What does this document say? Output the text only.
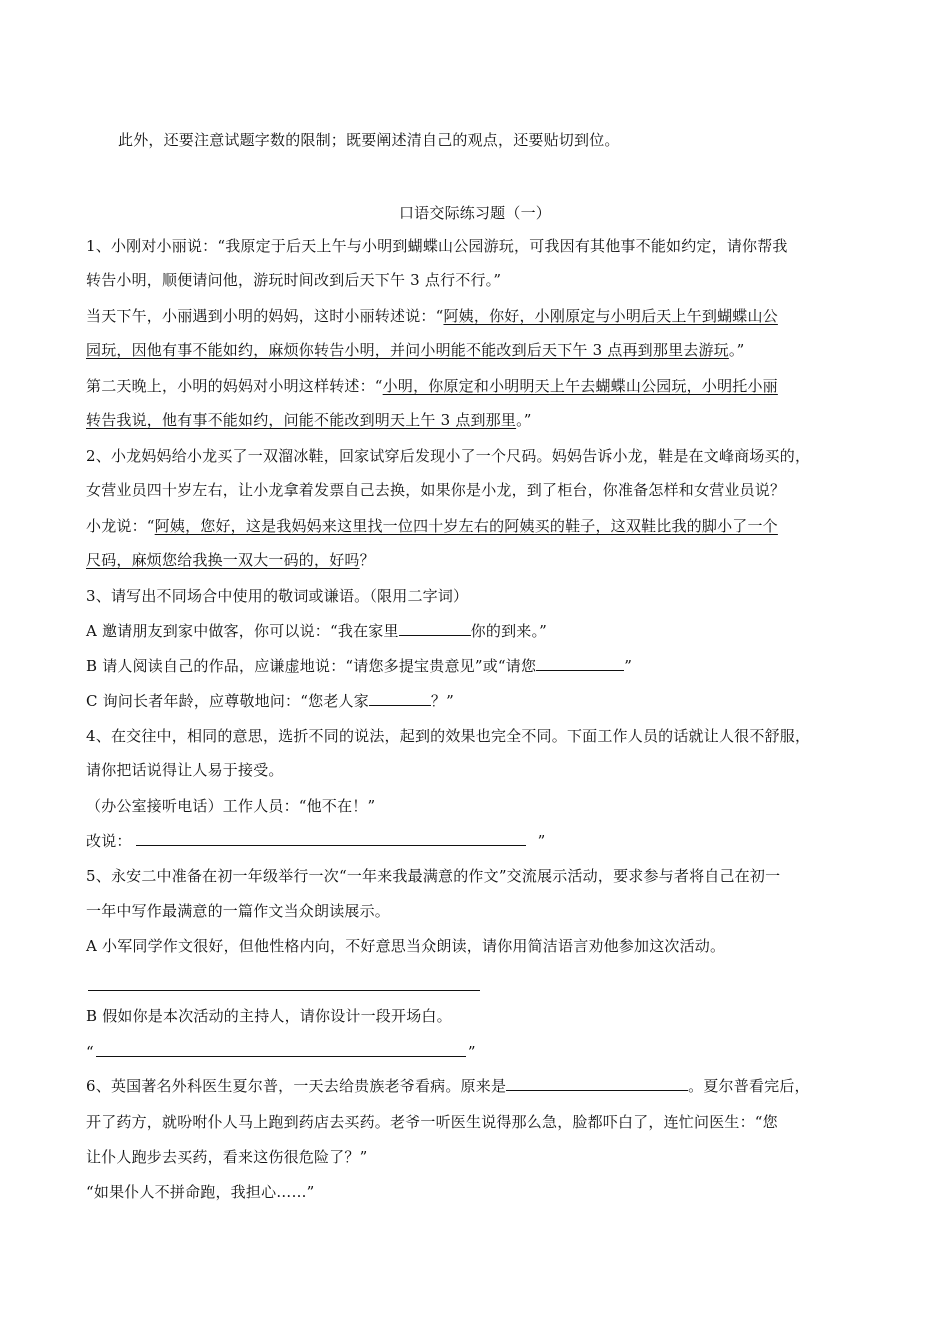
此外，还要注意试题字数的限制；既要阐述清自己的观点，还要贴切到位。
口语交际练习题（一）
1、小刚对小丽说：“我原定于后天上午与小明到蝴蝶山公园游玩，可我因有其他事不能如约定，请你帮我
转告小明，顺便请问他，游玩时间改到后天下午 3 点行不行。”
当天下午，小丽遇到小明的妈妈，这时小丽转述说：“阿姨，你好，小刚原定与小明后天上午到蝴蝶山公
园玩，因他有事不能如约，麻烦你转告小明，并问小明能不能改到后天下午 3 点再到那里去游玩。”
第二天晚上，小明的妈妈对小明这样转述：“小明，你原定和小明明天上午去蝴蝶山公园玩，小明托小丽
转告我说，他有事不能如约，问能不能改到明天上午 3 点到那里。”
2、小龙妈妈给小龙买了一双溜冰鞋，回家试穿后发现小了一个尺码。妈妈告诉小龙，鞋是在文峰商场买的，
女营业员四十岁左右，让小龙拿着发票自己去换，如果你是小龙，到了柜台，你准备怎样和女营业员说？
小龙说：“阿姨，您好，这是我妈妈来这里找一位四十岁左右的阿姨买的鞋子，这双鞋比我的脚小了一个
尺码，麻烦您给我换一双大一码的，好吗？
3、请写出不同场合中使用的敬词或谦语。（限用二字词）
A 邀请朋友到家中做客，你可以说：“我在家里	你的到来。”
B 请人阅读自己的作品，应谦虚地说：“请您多提宝贵意见”或“请您	”
C 询问长者年龄，应尊敬地问：“您老人家	？”
4、在交往中，相同的意思，选折不同的说法，起到的效果也完全不同。下面工作人员的话就让人很不舒服，
请你把话说得让人易于接受。
（办公室接听电话）工作人员：“他不在！”
改说：	”
5、永安二中准备在初一年级举行一次“一年来我最满意的作文”交流展示活动，要求参与者将自己在初一
一年中写作最满意的一篇作文当众朗读展示。
A 小军同学作文很好，但他性格内向，不好意思当众朗读，请你用简洁语言劝他参加这次活动。
B 假如你是本次活动的主持人，请你设计一段开场白。
“	”
6、英国著名外科医生夏尔普，一天去给贵族老爷看病。原来是	。夏尔普看完后，
开了药方，就吩咐仆人马上跑到药店去买药。老爷一听医生说得那么急，脸都吓白了，连忙问医生：“您
让仆人跑步去买药，看来这伤很危险了？”
“如果仆人不拼命跑，我担心……”
